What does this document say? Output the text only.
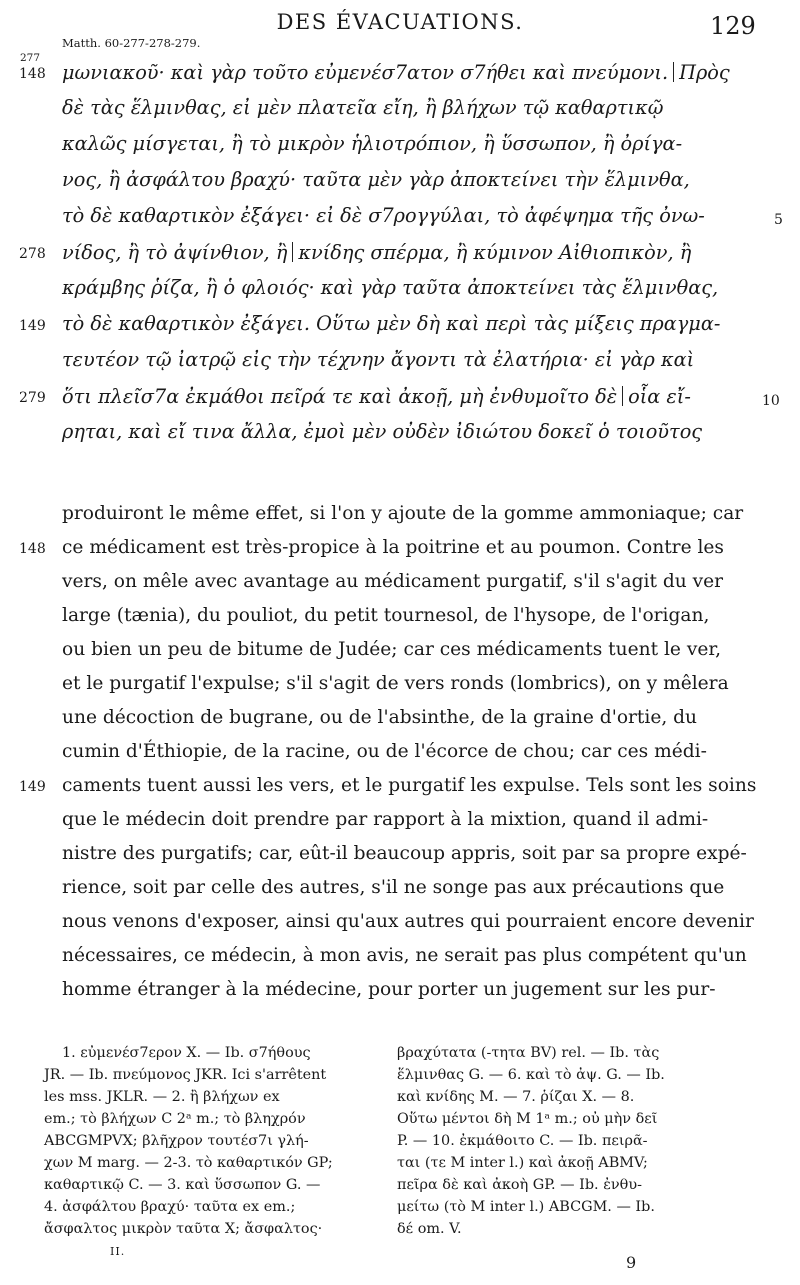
DES ÉVACUATIONS.	129
Matth. 60-277-278-279.
μωνιακοῦ· καὶ γὰρ τοῦτο εὐμενέσ7ατον σ7ήθει καὶ πνεύμονι. Πρὸς
δὲ τὰς ἕλμινθας, εἰ μὲν πλατεῖα εἴη, ἢ βλήχων τῷ καθαρτικῷ
καλῶς μίσγεται, ἢ τὸ μικρὸν ἡλιοτρόπιον, ἢ ὕσσωπον, ἢ ὀρίγα-
νος, ἢ ἀσφάλτου βραχύ· ταῦτα μὲν γὰρ ἀποκτείνει τὴν ἕλμινθα,
τὸ δὲ καθαρτικὸν ἐξάγει· εἰ δὲ σ7ρογγύλαι, τὸ ἀφέψημα τῆς ὀνω-
νίδος, ἢ τὸ ἀψίνθιον, ἢ κνίδης σπέρμα, ἢ κύμινον Αἰθιοπικὸν, ἢ
κράμβης ῥίζα, ἢ ὁ φλοιός· καὶ γὰρ ταῦτα ἀποκτείνει τὰς ἕλμινθας,
τὸ δὲ καθαρτικὸν ἐξάγει. Οὕτω μὲν δὴ καὶ περὶ τὰς μίξεις πραγμα-
τευτέον τῷ ἰατρῷ εἰς τὴν τέχνην ἄγοντι τὰ ἐλατήρια· εἰ γὰρ καὶ
ὅτι πλεῖσ7α ἐκμάθοι πεῖρά τε καὶ ἀκοῇ, μὴ ἐνθυμοῖτο δὲ οἷα εἴ-
ρηται, καὶ εἴ τινα ἄλλα, ἐμοὶ μὲν οὐδὲν ἰδιώτου δοκεῖ ὁ τοιοῦτος
277
148
278
149
279
5
10
produiront le même effet, si l'on y ajoute de la gomme ammoniaque; car
ce médicament est très-propice à la poitrine et au poumon. Contre les
vers, on mêle avec avantage au médicament purgatif, s'il s'agit du ver
large (tænia), du pouliot, du petit tournesol, de l'hysope, de l'origan,
ou bien un peu de bitume de Judée; car ces médicaments tuent le ver,
et le purgatif l'expulse; s'il s'agit de vers ronds (lombrics), on y mêlera
une décoction de bugrane, ou de l'absinthe, de la graine d'ortie, du
cumin d'Éthiopie, de la racine, ou de l'écorce de chou; car ces médi-
caments tuent aussi les vers, et le purgatif les expulse. Tels sont les soins
que le médecin doit prendre par rapport à la mixtion, quand il admi-
nistre des purgatifs; car, eût-il beaucoup appris, soit par sa propre expé-
rience, soit par celle des autres, s'il ne songe pas aux précautions que
nous venons d'exposer, ainsi qu'aux autres qui pourraient encore devenir
nécessaires, ce médecin, à mon avis, ne serait pas plus compétent qu'un
homme étranger à la médecine, pour porter un jugement sur les pur-
148
149
1. εὐμενέσ7ερον X. — Ib. σ7ήθους
JR. — Ib. πνεύμονος JKR. Ici s'arrêtent
les mss. JKLR. — 2. ἢ βλήχων ex
em.; τὸ βλήχων C 2ᵃ m.; τὸ βληχρόν
ABCGMPVX; βλῆχρον τουτέσ7ι γλή-
χων M marg. — 2-3. τὸ καθαρτικόν GP;
καθαρτικῷ C. — 3. καὶ ὕσσωπον G. —
4. ἀσφάλτου βραχύ· ταῦτα ex em.;
ἄσφαλτος μικρὸν ταῦτα X; ἄσφαλτος·
βραχύτατα (-τητα BV) rel. — Ib. τὰς
ἕλμινθας G. — 6. καὶ τὸ ἀψ. G. — Ib.
καὶ κνίδης M. — 7. ῥίζαι X. — 8.
Οὕτω μέντοι δὴ M 1ᵃ m.; οὐ μὴν δεῖ
P. — 10. ἐκμάθοιτο C. — Ib. πειρᾶ-
ται (τε M inter l.) καὶ ἀκοῇ ABMV;
πεῖρα δὲ καὶ ἀκοὴ GP. — Ib. ἐνθυ-
μείτω (τὸ M inter l.) ABCGM. — Ib.
δέ om. V.
II.
9
